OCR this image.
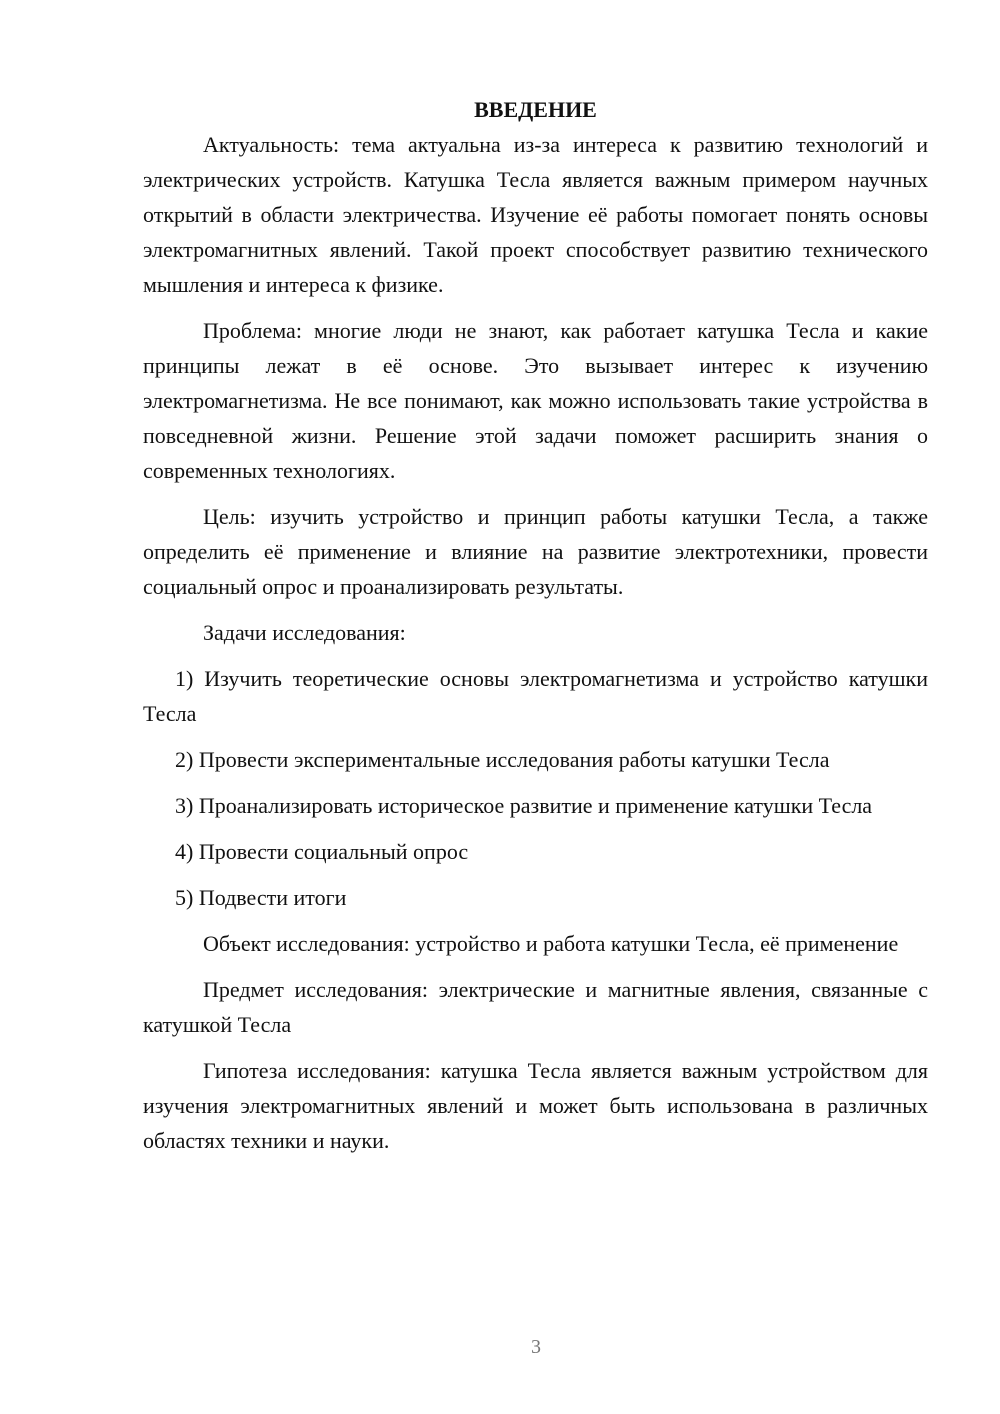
ВВЕДЕНИЕ

Актуальность: тема актуальна из-за интереса к развитию технологий и электрических устройств. Катушка Тесла является важным примером научных открытий в области электричества. Изучение её работы помогает понять основы электромагнитных явлений. Такой проект способствует развитию технического мышления и интереса к физике.

Проблема: многие люди не знают, как работает катушка Тесла и какие принципы лежат в её основе. Это вызывает интерес к изучению электромагнетизма. Не все понимают, как можно использовать такие устройства в повседневной жизни. Решение этой задачи поможет расширить знания о современных технологиях.

Цель: изучить устройство и принцип работы катушки Тесла, а также определить её применение и влияние на развитие электротехники, провести социальный опрос и проанализировать результаты.

Задачи исследования:

1) Изучить теоретические основы электромагнетизма и устройство катушки Тесла

2) Провести экспериментальные исследования работы катушки Тесла

3) Проанализировать историческое развитие и применение катушки Тесла

4) Провести социальный опрос

5) Подвести итоги

Объект исследования: устройство и работа катушки Тесла, её применение

Предмет исследования: электрические и магнитные явления, связанные с катушкой Тесла

Гипотеза исследования: катушка Тесла является важным устройством для изучения электромагнитных явлений и может быть использована в различных областях техники и науки.

3
